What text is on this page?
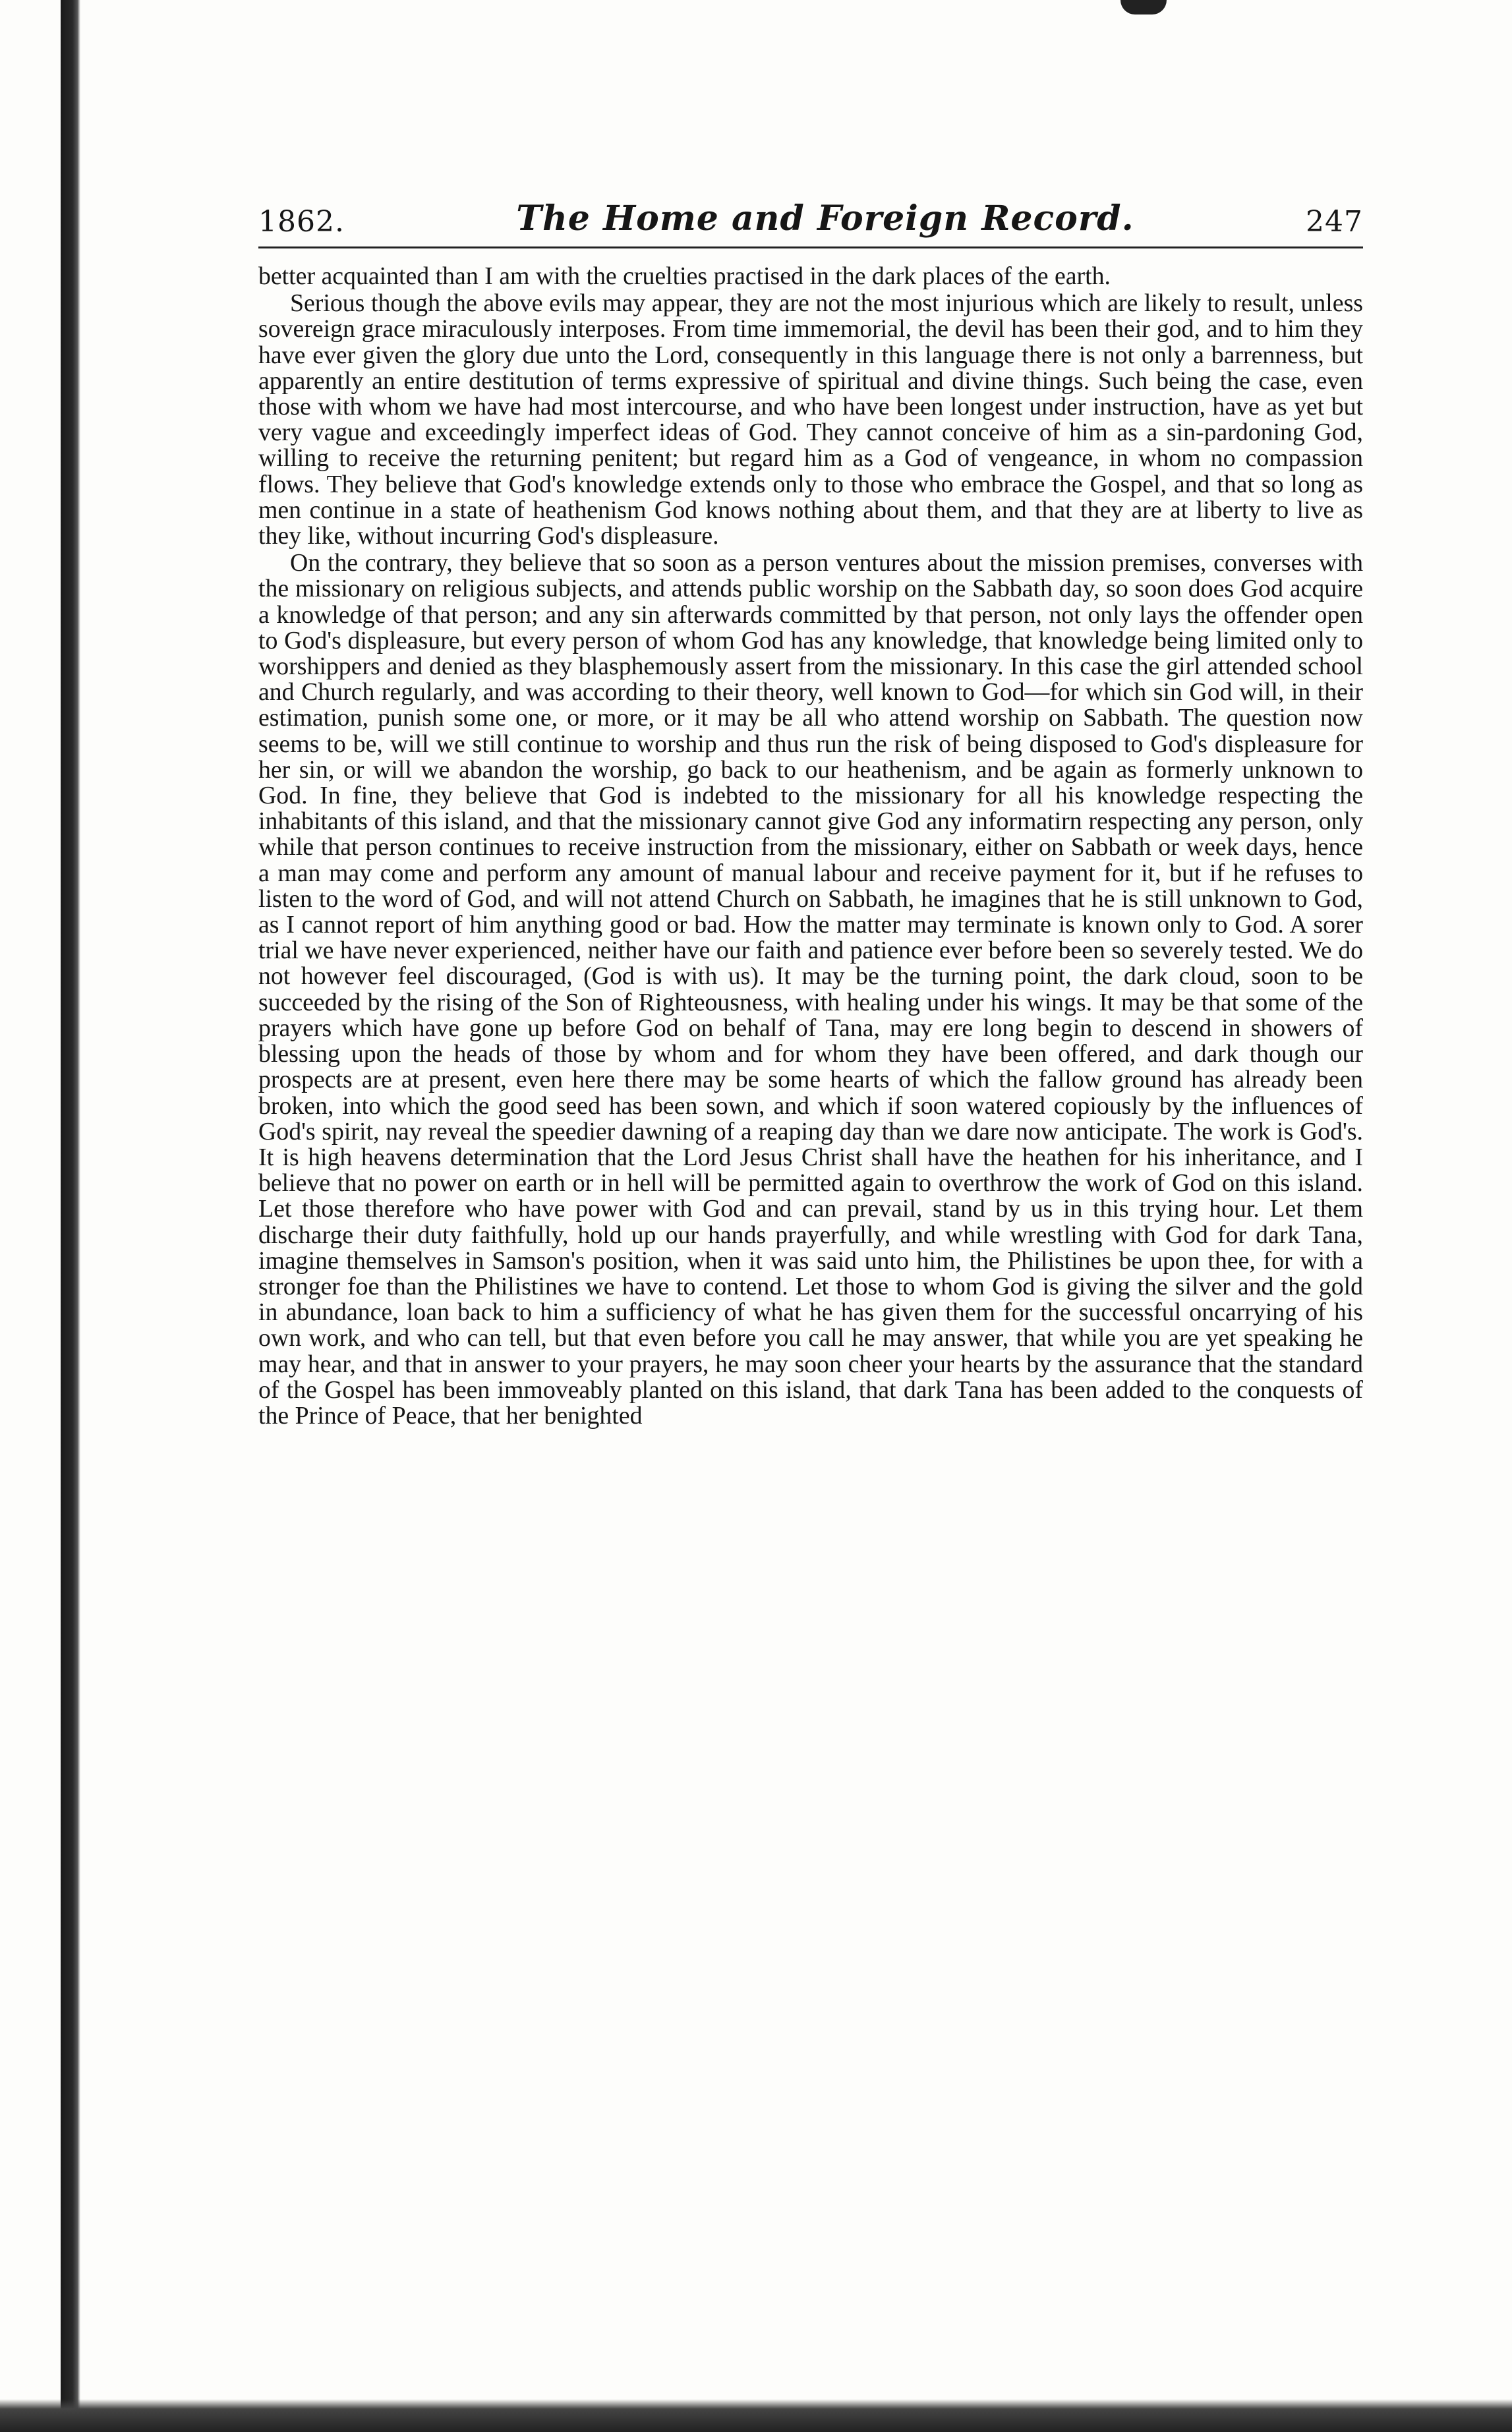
1862.	The Home and Foreign Record.	247

better acquainted than I am with the cruelties practised in the dark places of the earth.

Serious though the above evils may appear, they are not the most injurious which are likely to result, unless sovereign grace miraculously interposes. From time immemorial, the devil has been their god, and to him they have ever given the glory due unto the Lord, consequently in this language there is not only a barrenness, but apparently an entire destitution of terms expressive of spiritual and divine things. Such being the case, even those with whom we have had most intercourse, and who have been longest under instruction, have as yet but very vague and exceedingly imperfect ideas of God. They cannot conceive of him as a sin-pardoning God, willing to receive the returning penitent; but regard him as a God of vengeance, in whom no compassion flows. They believe that God's knowledge extends only to those who embrace the Gospel, and that so long as men continue in a state of heathenism God knows nothing about them, and that they are at liberty to live as they like, without incurring God's displeasure.

On the contrary, they believe that so soon as a person ventures about the mission premises, converses with the missionary on religious subjects, and attends public worship on the Sabbath day, so soon does God acquire a knowledge of that person; and any sin afterwards committed by that person, not only lays the offender open to God's displeasure, but every person of whom God has any knowledge, that knowledge being limited only to worshippers and denied as they blasphemously assert from the missionary. In this case the girl attended school and Church regularly, and was according to their theory, well known to God—for which sin God will, in their estimation, punish some one, or more, or it may be all who attend worship on Sabbath. The question now seems to be, will we still continue to worship and thus run the risk of being disposed to God's displeasure for her sin, or will we abandon the worship, go back to our heathenism, and be again as formerly unknown to God. In fine, they believe that God is indebted to the missionary for all his knowledge respecting the inhabitants of this island, and that the missionary cannot give God any informatirn respecting any person, only while that person continues to receive instruction from the missionary, either on Sabbath or week days, hence a man may come and perform any amount of manual labour and receive payment for it, but if he refuses to listen to the word of God, and will not attend Church on Sabbath, he imagines that he is still unknown to God, as I cannot report of him anything good or bad. How the matter may terminate is known only to God. A sorer trial we have never experienced, neither have our faith and patience ever before been so severely tested. We do not however feel discouraged, (God is with us). It may be the turning point, the dark cloud, soon to be succeeded by the rising of the Son of Righteousness, with healing under his wings. It may be that some of the prayers which have gone up before God on behalf of Tana, may ere long begin to descend in showers of blessing upon the heads of those by whom and for whom they have been offered, and dark though our prospects are at present, even here there may be some hearts of which the fallow ground has already been broken, into which the good seed has been sown, and which if soon watered copiously by the influences of God's spirit, nay reveal the speedier dawning of a reaping day than we dare now anticipate. The work is God's. It is high heavens determination that the Lord Jesus Christ shall have the heathen for his inheritance, and I believe that no power on earth or in hell will be permitted again to overthrow the work of God on this island. Let those therefore who have power with God and can prevail, stand by us in this trying hour. Let them discharge their duty faithfully, hold up our hands prayerfully, and while wrestling with God for dark Tana, imagine themselves in Samson's position, when it was said unto him, the Philistines be upon thee, for with a stronger foe than the Philistines we have to contend. Let those to whom God is giving the silver and the gold in abundance, loan back to him a sufficiency of what he has given them for the successful oncarrying of his own work, and who can tell, but that even before you call he may answer, that while you are yet speaking he may hear, and that in answer to your prayers, he may soon cheer your hearts by the assurance that the standard of the Gospel has been immoveably planted on this island, that dark Tana has been added to the conquests of the Prince of Peace, that her benighted
